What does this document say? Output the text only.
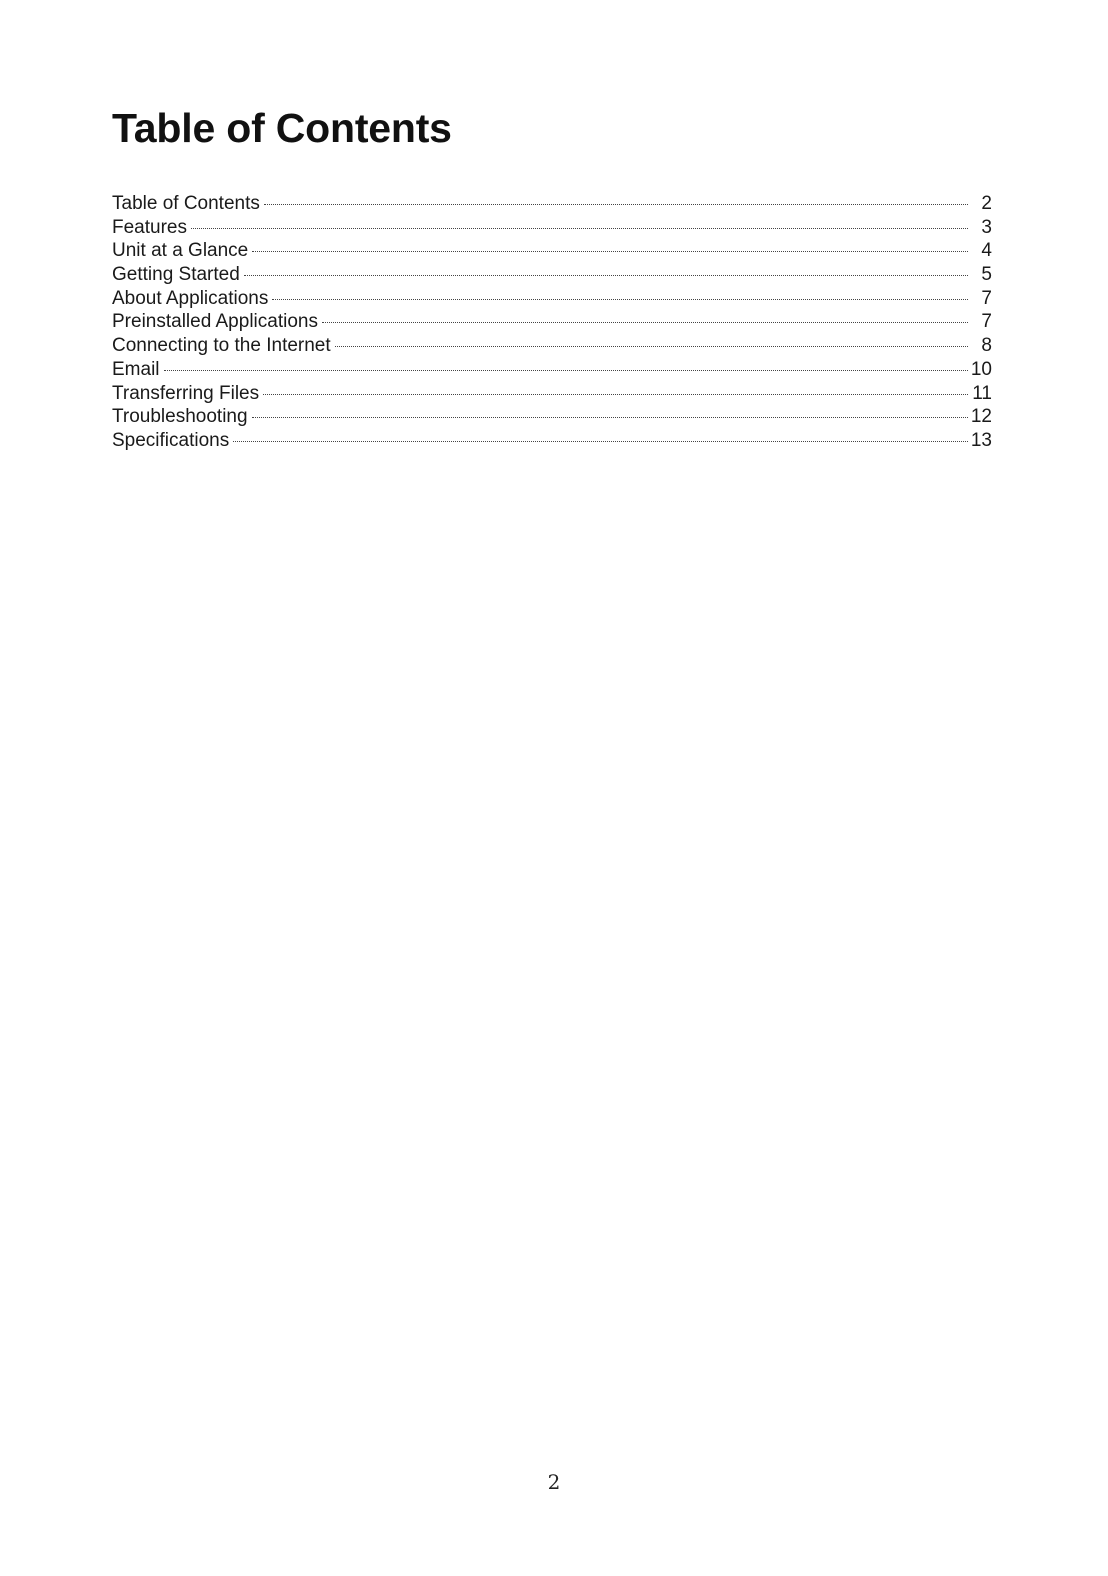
Table of Contents
Table of Contents	2
Features	3
Unit at a Glance	4
Getting Started	5
About Applications	7
Preinstalled Applications	7
Connecting to the Internet	8
Email	10
Transferring Files	11
Troubleshooting	12
Specifications	13
2
